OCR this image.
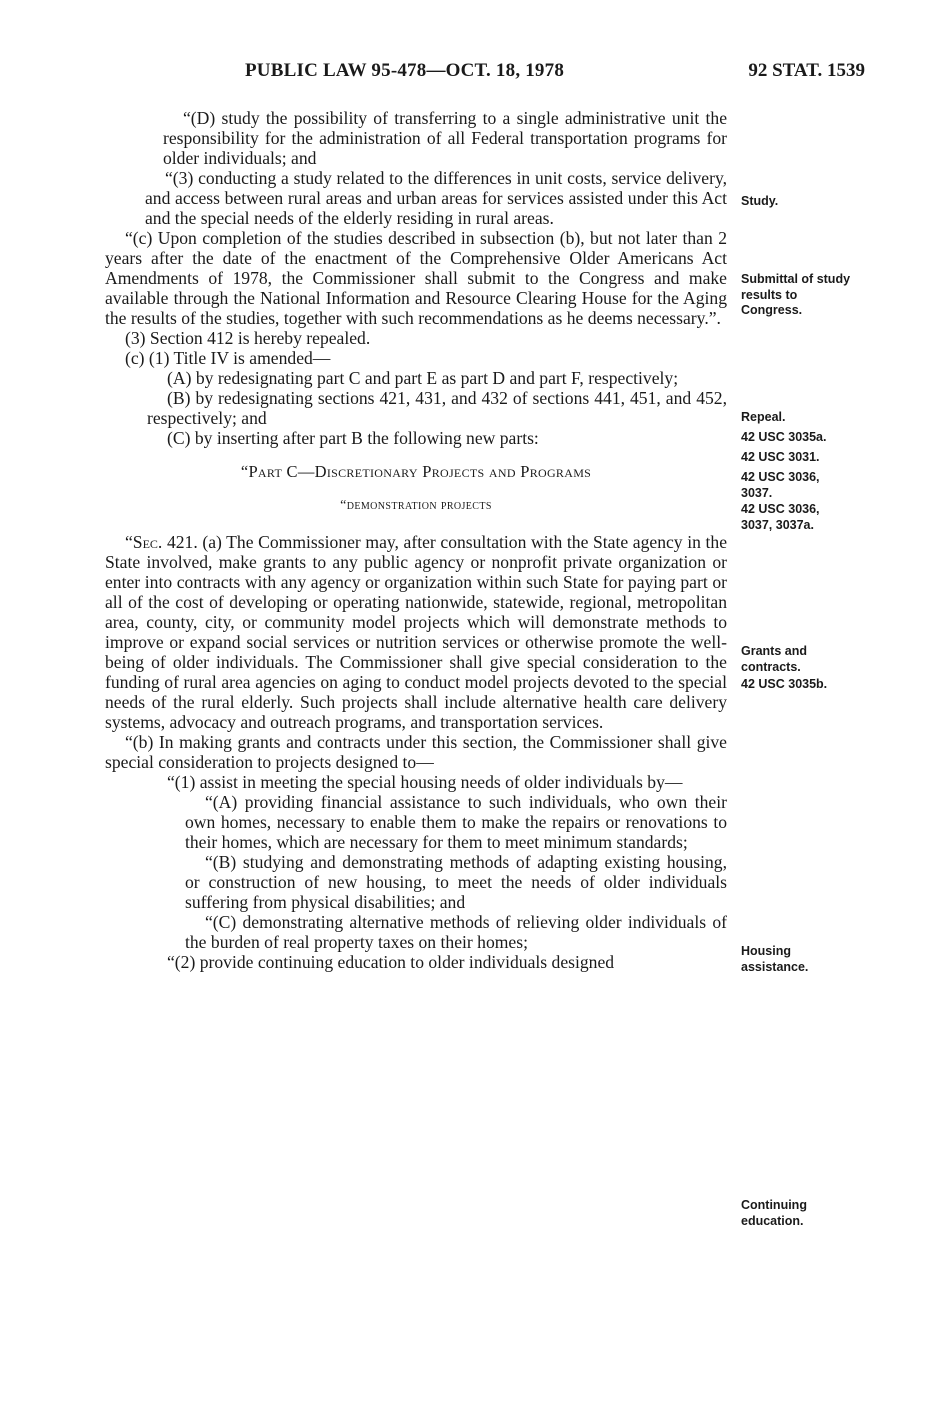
PUBLIC LAW 95-478—OCT. 18, 1978	92 STAT. 1539

“(D) study the possibility of transferring to a single administrative unit the responsibility for the administration of all Federal transportation programs for older individuals; and

“(3) conducting a study related to the differences in unit costs, service delivery, and access between rural areas and urban areas for services assisted under this Act and the special needs of the elderly residing in rural areas.

“(c) Upon completion of the studies described in subsection (b), but not later than 2 years after the date of the enactment of the Comprehensive Older Americans Act Amendments of 1978, the Commissioner shall submit to the Congress and make available through the National Information and Resource Clearing House for the Aging the results of the studies, together with such recommendations as he deems necessary.”.

(3) Section 412 is hereby repealed.

(c) (1) Title IV is amended—

(A) by redesignating part C and part E as part D and part F, respectively;

(B) by redesignating sections 421, 431, and 432 of sections 441, 451, and 452, respectively; and

(C) by inserting after part B the following new parts:

“Part C—Discretionary Projects and Programs

“demonstration projects

“Sec. 421. (a) The Commissioner may, after consultation with the State agency in the State involved, make grants to any public agency or nonprofit private organization or enter into contracts with any agency or organization within such State for paying part or all of the cost of developing or operating nationwide, statewide, regional, metropolitan area, county, city, or community model projects which will demonstrate methods to improve or expand social services or nutrition services or otherwise promote the well-being of older individuals. The Commissioner shall give special consideration to the funding of rural area agencies on aging to conduct model projects devoted to the special needs of the rural elderly. Such projects shall include alternative health care delivery systems, advocacy and outreach programs, and transportation services.

“(b) In making grants and contracts under this section, the Commissioner shall give special consideration to projects designed to—

“(1) assist in meeting the special housing needs of older individuals by—

“(A) providing financial assistance to such individuals, who own their own homes, necessary to enable them to make the repairs or renovations to their homes, which are necessary for them to meet minimum standards;

“(B) studying and demonstrating methods of adapting existing housing, or construction of new housing, to meet the needs of older individuals suffering from physical disabilities; and

“(C) demonstrating alternative methods of relieving older individuals of the burden of real property taxes on their homes;

“(2) provide continuing education to older individuals designed

Study.
Submittal of study results to Congress.
Repeal.
42 USC 3035a.
42 USC 3031.
42 USC 3036, 3037.
42 USC 3036, 3037, 3037a.
Grants and contracts.
42 USC 3035b.
Housing assistance.
Continuing education.
